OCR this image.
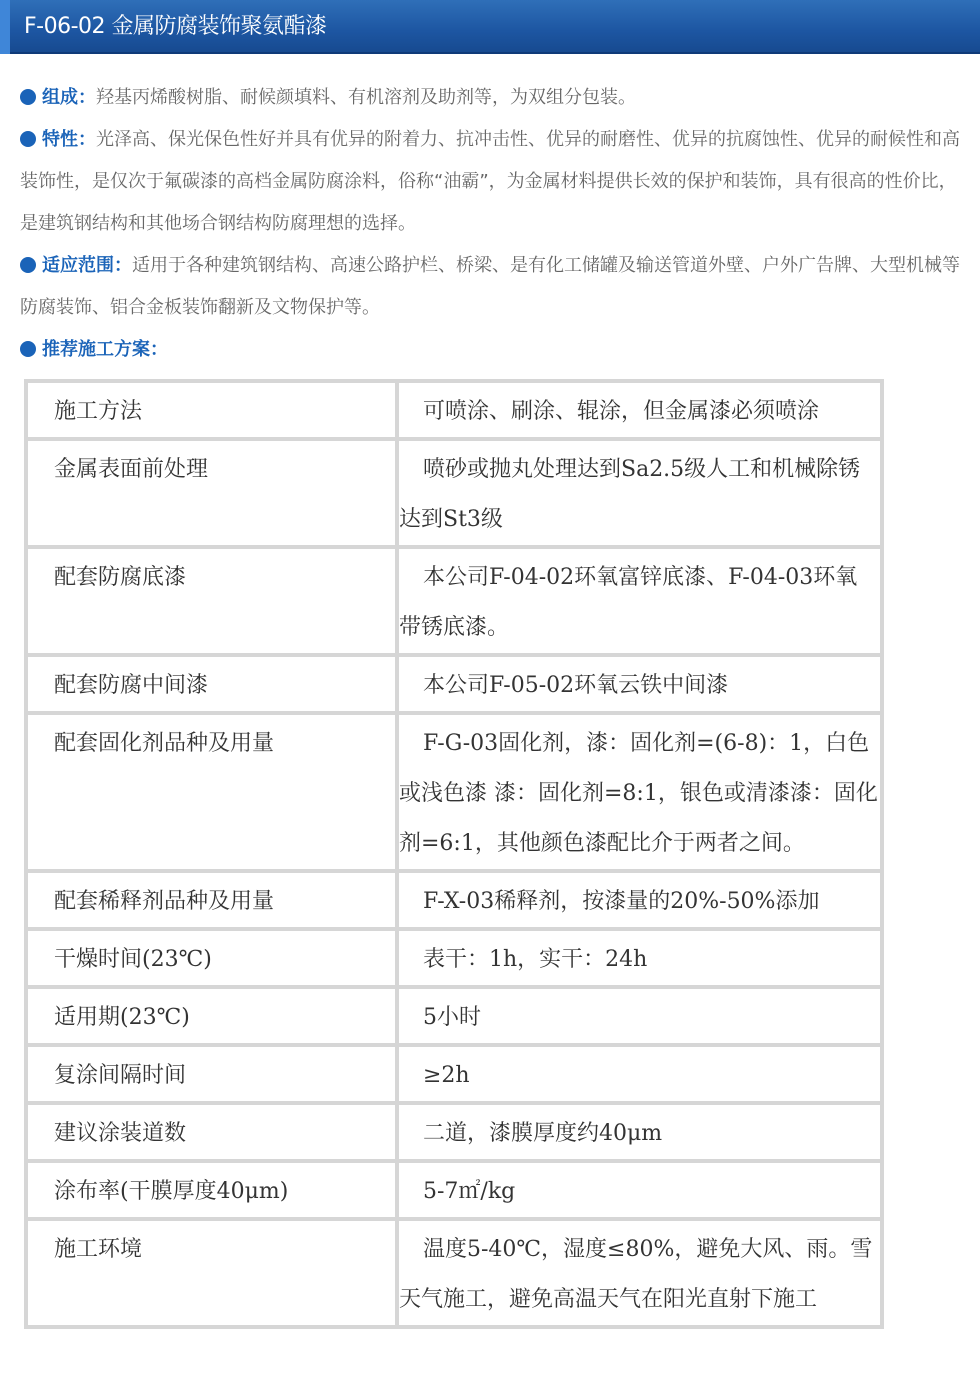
F-06-02 金属防腐装饰聚氨酯漆
组成：羟基丙烯酸树脂、耐候颜填料、有机溶剂及助剂等，为双组分包装。
特性：光泽高、保光保色性好并具有优异的附着力、抗冲击性、优异的耐磨性、优异的抗腐蚀性、优异的耐候性和高装饰性，是仅次于氟碳漆的高档金属防腐涂料，俗称“油霸”，为金属材料提供长效的保护和装饰，具有很高的性价比，是建筑钢结构和其他场合钢结构防腐理想的选择。
适应范围：适用于各种建筑钢结构、高速公路护栏、桥梁、是有化工储罐及输送管道外壁、户外广告牌、大型机械等防腐装饰、铝合金板装饰翻新及文物保护等。
推荐施工方案：
施工方法	可喷涂、刷涂、辊涂，但金属漆必须喷涂
金属表面前处理	喷砂或抛丸处理达到Sa2.5级人工和机械除锈达到St3级
配套防腐底漆	本公司F-04-02环氧富锌底漆、F-04-03环氧带锈底漆。
配套防腐中间漆	本公司F-05-02环氧云铁中间漆
配套固化剂品种及用量	F-G-03固化剂，漆：固化剂=(6-8)：1，白色或浅色漆 漆：固化剂=8:1，银色或清漆漆：固化剂=6:1，其他颜色漆配比介于两者之间。
配套稀释剂品种及用量	F-X-03稀释剂，按漆量的20%-50%添加
干燥时间(23℃)	表干：1h，实干：24h
适用期(23℃)	5小时
复涂间隔时间	≥2h
建议涂装道数	二道，漆膜厚度约40μm
涂布率(干膜厚度40μm)	5-7㎡/kg
施工环境	温度5-40℃，湿度≤80%，避免大风、雨。雪天气施工，避免高温天气在阳光直射下施工
